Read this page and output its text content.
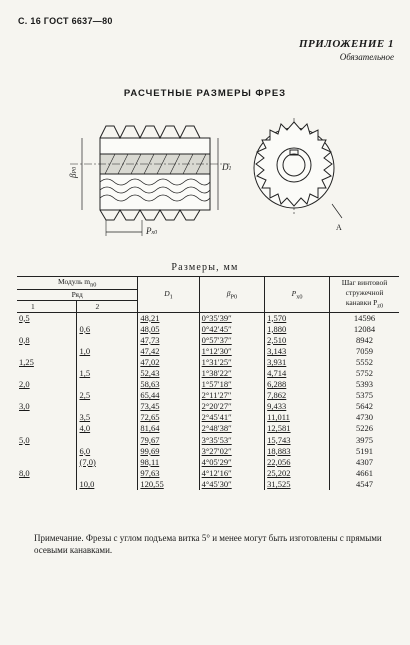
С. 16 ГОСТ 6637—80
ПРИЛОЖЕНИЕ 1
Обязательное
РАСЧЕТНЫЕ РАЗМЕРЫ ФРЕЗ
βP0	D1
Px0
A
Размеры, мм
Модуль $m_{n0}$		$D_1$	$\beta_{P0}$	$P_{x0}$	Шаг винтовой стружечной канавки $P_{z0}$
Ряд					
1	2				
0,5		48,21	0°35′39″	1,570	14596
	0,6	48,05	0°42′45″	1,880	12084
0,8		47,73	0°57′37″	2,510	8942
	1,0	47,42	1°12′30″	3,143	7059
1,25		47,02	1°31′25″	3,931	5552
	1,5	52,43	1°38′22″	4,714	5752
2,0		58,63	1°57′18″	6,288	5393
	2,5	65,44	2°11′27″	7,862	5375
3,0		73,45	2°20′27″	9,433	5642
	3,5	72,65	2°45′41″	11,011	4730
	4,0	81,64	2°48′38″	12,581	5226
5,0		79,67	3°35′53″	15,743	3975
	6,0	99,69	3°27′02″	18,883	5191
	(7,0)	98,11	4°05′29″	22,056	4307
8,0		97,63	4°12′16″	25,202	4661
	10,0	120,55	4°45′30″	31,525	4547
Примечание. Фрезы с углом подъема витка 5° и менее могут быть изготовлены с прямыми осевыми канавками.
